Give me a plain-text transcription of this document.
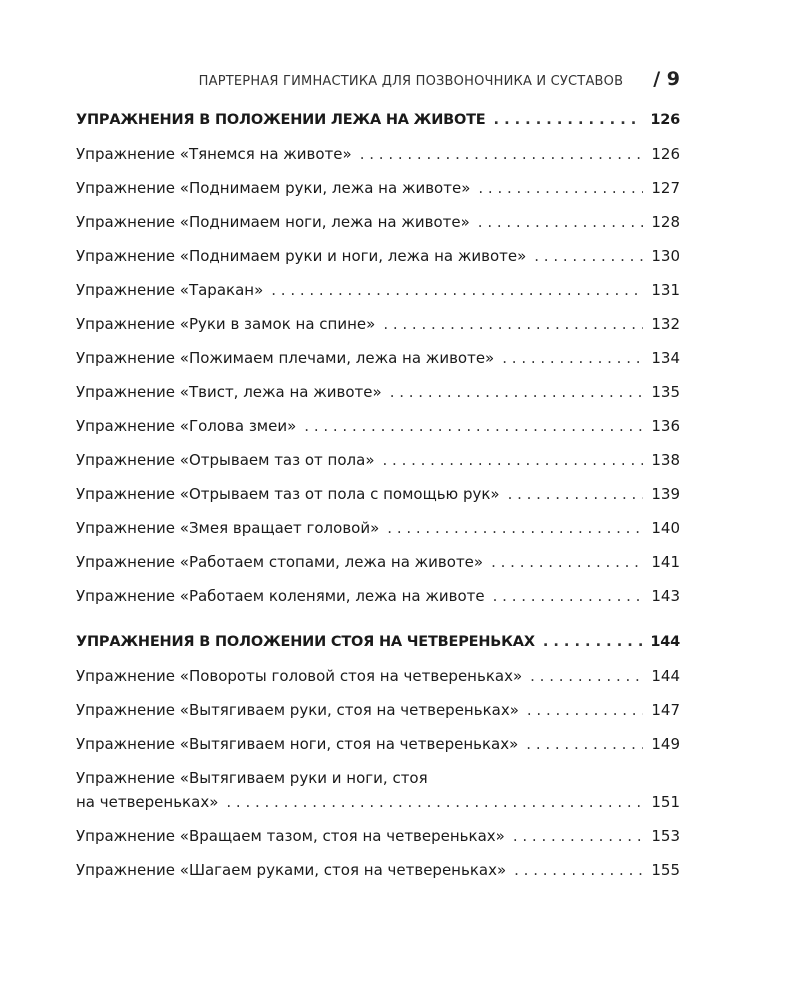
ПАРТЕРНАЯ ГИМНАСТИКА ДЛЯ ПОЗВОНОЧНИКА И СУСТАВОВ / 9
УПРАЖНЕНИЯ В ПОЛОЖЕНИИ ЛЕЖА НА ЖИВОТЕ . . .	126
Упражнение «Тянемся на животе» . . .	126
Упражнение «Поднимаем руки, лежа на животе» . . .	127
Упражнение «Поднимаем ноги, лежа на животе» . . .	128
Упражнение «Поднимаем руки и ноги, лежа на животе» . . .	130
Упражнение «Таракан» . . .	131
Упражнение «Руки в замок на спине» . . .	132
Упражнение «Пожимаем плечами, лежа на животе» . . .	134
Упражнение «Твист, лежа на животе» . . .	135
Упражнение «Голова змеи» . . .	136
Упражнение «Отрываем таз от пола» . . .	138
Упражнение «Отрываем таз от пола с помощью рук» . . .	139
Упражнение «Змея вращает головой» . . .	140
Упражнение «Работаем стопами, лежа на животе» . . .	141
Упражнение «Работаем коленями, лежа на животе . . .	143
УПРАЖНЕНИЯ В ПОЛОЖЕНИИ СТОЯ НА ЧЕТВЕРЕНЬКАХ . . .	144
Упражнение «Повороты головой стоя на четвереньках» . . .	144
Упражнение «Вытягиваем руки, стоя на четвереньках» . . .	147
Упражнение «Вытягиваем ноги, стоя на четвереньках» . . .	149
Упражнение «Вытягиваем руки и ноги, стоя
на четвереньках» . . .	151
Упражнение «Вращаем тазом, стоя на четвереньках» . . .	153
Упражнение «Шагаем руками, стоя на четвереньках» . . .	155
